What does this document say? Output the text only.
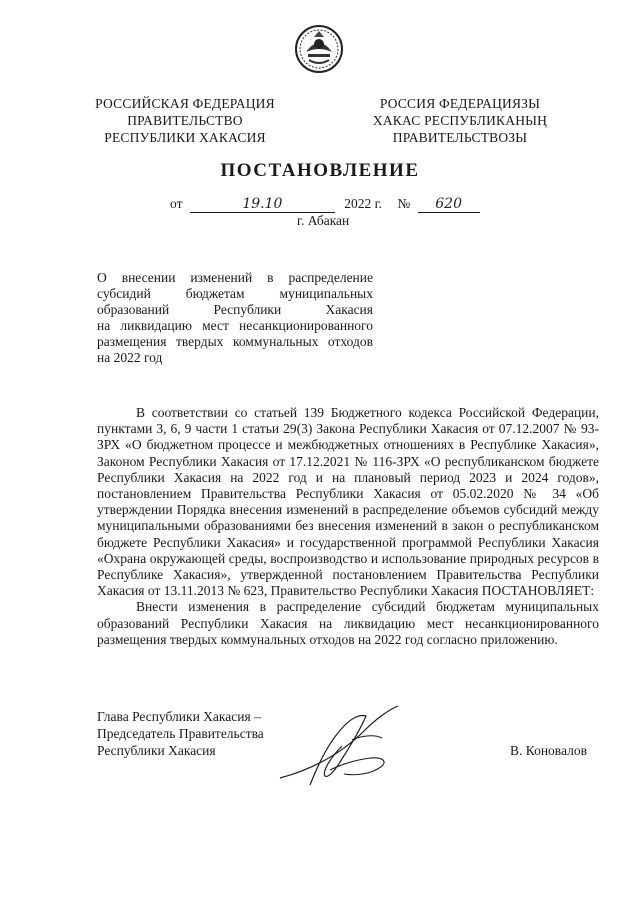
РОССИЙСКАЯ ФЕДЕРАЦИЯ
ПРАВИТЕЛЬСТВО
РЕСПУБЛИКИ ХАКАСИЯ
РОССИЯ ФЕДЕРАЦИЯЗЫ
ХАКАС РЕСПУБЛИКАНЫҢ
ПРАВИТЕЛЬСТВОЗЫ
ПОСТАНОВЛЕНИЕ
от	19.10	2022 г. № 620
г. Абакан
О внесении изменений в распределение
субсидий бюджетам муниципальных
образований Республики Хакасия
на ликвидацию мест несанкционированного
размещения твердых коммунальных отходов
на 2022 год

В соответствии со статьей 139 Бюджетного кодекса Российской Федерации, пунктами 3, 6, 9 части 1 статьи 29(3) Закона Республики Хакасия от 07.12.2007 № 93-ЗРХ «О бюджетном процессе и межбюджетных отношениях в Республике Хакасия», Законом Республики Хакасия от 17.12.2021 № 116-ЗРХ «О республиканском бюджете Республики Хакасия на 2022 год и на плановый период 2023 и 2024 годов», постановлением Правительства Республики Хакасия от 05.02.2020 № 34 «Об утверждении Порядка внесения изменений в распределение объемов субсидий между муниципальными образованиями без внесения изменений в закон о республиканском бюджете Республики Хакасия» и государственной программой Республики Хакасия «Охрана окружающей среды, воспроизводство и использование природных ресурсов в Республике Хакасия», утвержденной постановлением Правительства Республики Хакасия от 13.11.2013 № 623, Правительство Республики Хакасия ПОСТАНОВЛЯЕТ:

Внести изменения в распределение субсидий бюджетам муниципальных образований Республики Хакасия на ликвидацию мест несанкционированного размещения твердых коммунальных отходов на 2022 год согласно приложению.

Глава Республики Хакасия –
Председатель Правительства
Республики Хакасия	В. Коновалов
